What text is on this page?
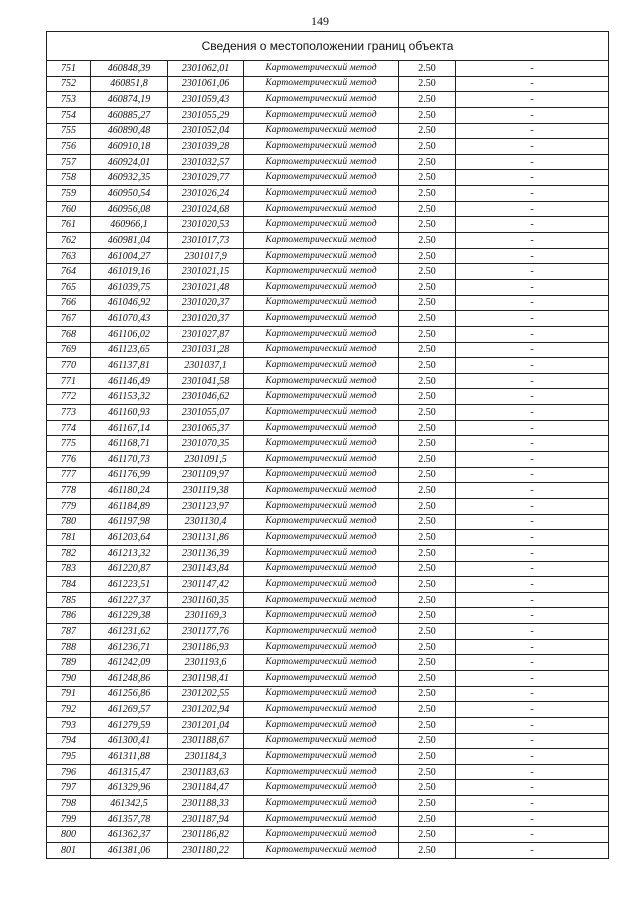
149
Сведения о местоположении границ объекта					
751	460848,39	2301062,01	Картометрический метод	2.50	-
752	460851,8	2301061,06	Картометрический метод	2.50	-
753	460874,19	2301059,43	Картометрический метод	2.50	-
754	460885,27	2301055,29	Картометрический метод	2.50	-
755	460890,48	2301052,04	Картометрический метод	2.50	-
756	460910,18	2301039,28	Картометрический метод	2.50	-
757	460924,01	2301032,57	Картометрический метод	2.50	-
758	460932,35	2301029,77	Картометрический метод	2.50	-
759	460950,54	2301026,24	Картометрический метод	2.50	-
760	460956,08	2301024,68	Картометрический метод	2.50	-
761	460966,1	2301020,53	Картометрический метод	2.50	-
762	460981,04	2301017,73	Картометрический метод	2.50	-
763	461004,27	2301017,9	Картометрический метод	2.50	-
764	461019,16	2301021,15	Картометрический метод	2.50	-
765	461039,75	2301021,48	Картометрический метод	2.50	-
766	461046,92	2301020,37	Картометрический метод	2.50	-
767	461070,43	2301020,37	Картометрический метод	2.50	-
768	461106,02	2301027,87	Картометрический метод	2.50	-
769	461123,65	2301031,28	Картометрический метод	2.50	-
770	461137,81	2301037,1	Картометрический метод	2.50	-
771	461146,49	2301041,58	Картометрический метод	2.50	-
772	461153,32	2301046,62	Картометрический метод	2.50	-
773	461160,93	2301055,07	Картометрический метод	2.50	-
774	461167,14	2301065,37	Картометрический метод	2.50	-
775	461168,71	2301070,35	Картометрический метод	2.50	-
776	461170,73	2301091,5	Картометрический метод	2.50	-
777	461176,99	2301109,97	Картометрический метод	2.50	-
778	461180,24	2301119,38	Картометрический метод	2.50	-
779	461184,89	2301123,97	Картометрический метод	2.50	-
780	461197,98	2301130,4	Картометрический метод	2.50	-
781	461203,64	2301131,86	Картометрический метод	2.50	-
782	461213,32	2301136,39	Картометрический метод	2.50	-
783	461220,87	2301143,84	Картометрический метод	2.50	-
784	461223,51	2301147,42	Картометрический метод	2.50	-
785	461227,37	2301160,35	Картометрический метод	2.50	-
786	461229,38	2301169,3	Картометрический метод	2.50	-
787	461231,62	2301177,76	Картометрический метод	2.50	-
788	461236,71	2301186,93	Картометрический метод	2.50	-
789	461242,09	2301193,6	Картометрический метод	2.50	-
790	461248,86	2301198,41	Картометрический метод	2.50	-
791	461256,86	2301202,55	Картометрический метод	2.50	-
792	461269,57	2301202,94	Картометрический метод	2.50	-
793	461279,59	2301201,04	Картометрический метод	2.50	-
794	461300,41	2301188,67	Картометрический метод	2.50	-
795	461311,88	2301184,3	Картометрический метод	2.50	-
796	461315,47	2301183,63	Картометрический метод	2.50	-
797	461329,96	2301184,47	Картометрический метод	2.50	-
798	461342,5	2301188,33	Картометрический метод	2.50	-
799	461357,78	2301187,94	Картометрический метод	2.50	-
800	461362,37	2301186,82	Картометрический метод	2.50	-
801	461381,06	2301180,22	Картометрический метод	2.50	-
